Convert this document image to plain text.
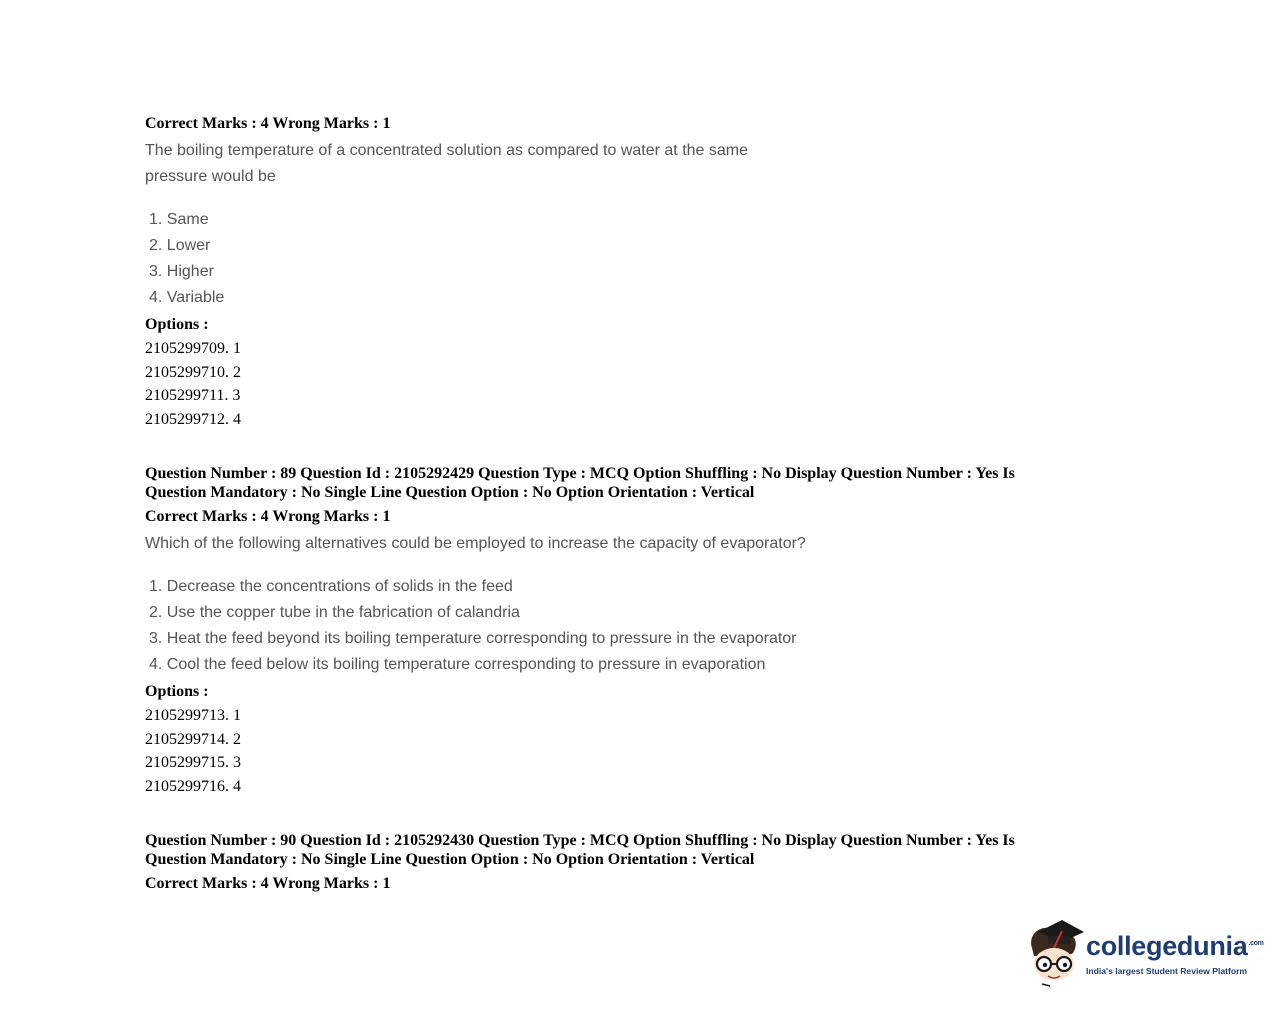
Correct Marks : 4 Wrong Marks : 1
The boiling temperature of a concentrated solution as compared to water at the same
pressure would be
1. Same
2. Lower
3. Higher
4. Variable
Options :
2105299709. 1
2105299710. 2
2105299711. 3
2105299712. 4
Question Number : 89 Question Id : 2105292429 Question Type : MCQ Option Shuffling : No Display Question Number : Yes Is
Question Mandatory : No Single Line Question Option : No Option Orientation : Vertical
Correct Marks : 4 Wrong Marks : 1
Which of the following alternatives could be employed to increase the capacity of evaporator?
1. Decrease the concentrations of solids in the feed
2. Use the copper tube in the fabrication of calandria
3. Heat the feed beyond its boiling temperature corresponding to pressure in the evaporator
4. Cool the feed below its boiling temperature corresponding to pressure in evaporation
Options :
2105299713. 1
2105299714. 2
2105299715. 3
2105299716. 4
Question Number : 90 Question Id : 2105292430 Question Type : MCQ Option Shuffling : No Display Question Number : Yes Is
Question Mandatory : No Single Line Question Option : No Option Orientation : Vertical
Correct Marks : 4 Wrong Marks : 1
collegedunia$^{.com}$
India's largest Student Review Platform
